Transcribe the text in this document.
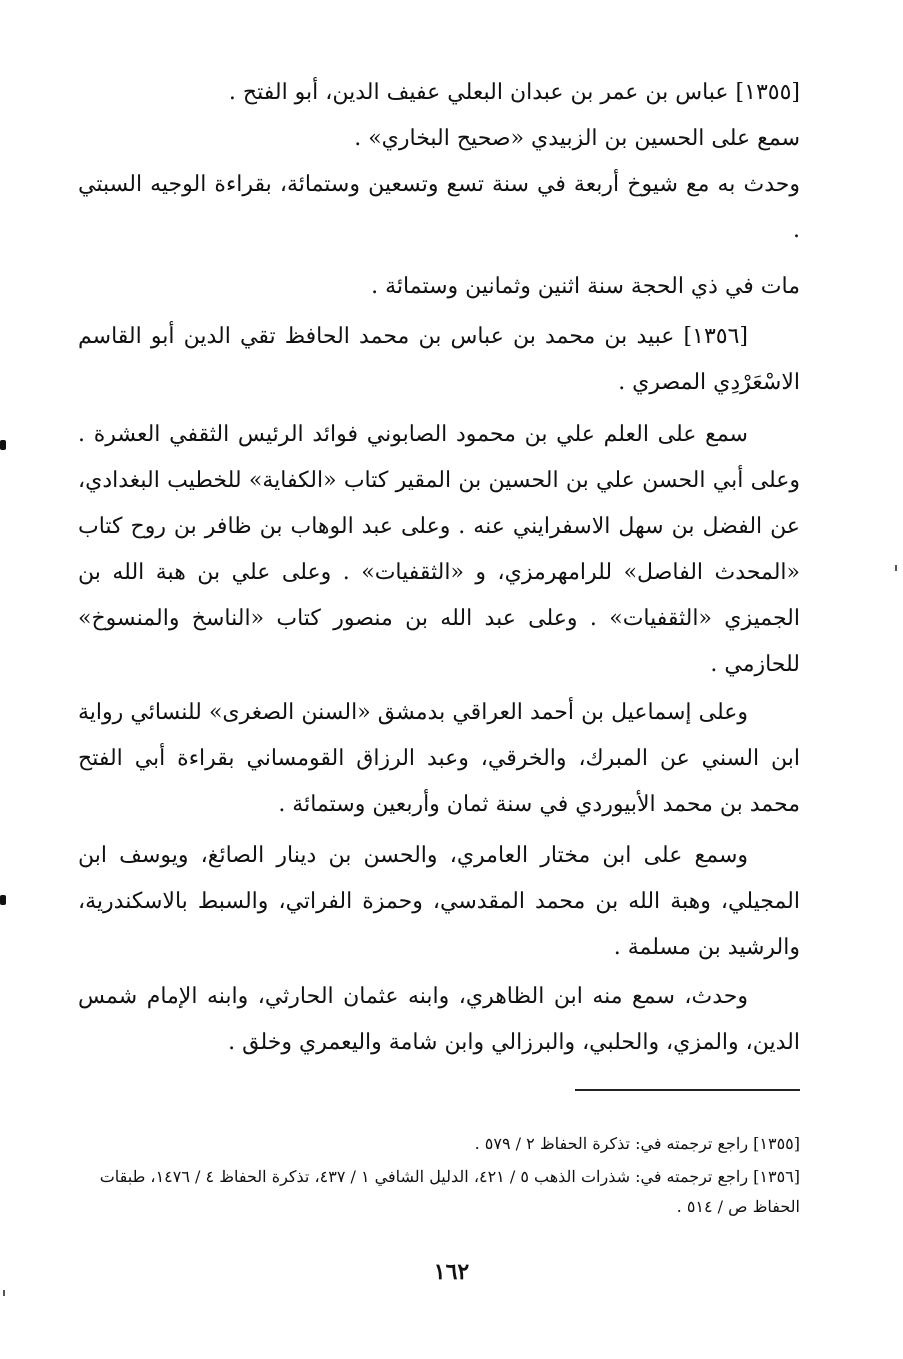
[١٣٥٥] عباس بن عمر بن عبدان البعلي عفيف الدين، أبو الفتح .

سمع على الحسين بن الزبيدي «صحيح البخاري» .

وحدث به مع شيوخ أربعة في سنة تسع وتسعين وستمائة، بقراءة الوجيه السبتي .

مات في ذي الحجة سنة اثنين وثمانين وستمائة .

[١٣٥٦] عبيد بن محمد بن عباس بن محمد الحافظ تقي الدين أبو القاسم الاسْعَرْدِي المصري .

سمع على العلم علي بن محمود الصابوني فوائد الرئيس الثقفي العشرة . وعلى أبي الحسن علي بن الحسين بن المقير كتاب «الكفاية» للخطيب البغدادي، عن الفضل بن سهل الاسفرايني عنه . وعلى عبد الوهاب بن ظافر بن روح كتاب «المحدث الفاصل» للرامهرمزي، و «الثقفيات» . وعلى علي بن هبة الله بن الجميزي «الثقفيات» . وعلى عبد الله بن منصور كتاب «الناسخ والمنسوخ» للحازمي .

وعلى إسماعيل بن أحمد العراقي بدمشق «السنن الصغرى» للنسائي رواية ابن السني عن المبرك، والخرقي، وعبد الرزاق القومساني بقراءة أبي الفتح محمد بن محمد الأبيوردي في سنة ثمان وأربعين وستمائة .

وسمع على ابن مختار العامري، والحسن بن دينار الصائغ، ويوسف ابن المجيلي، وهبة الله بن محمد المقدسي، وحمزة الفراتي، والسبط بالاسكندرية، والرشيد بن مسلمة .

وحدث، سمع منه ابن الظاهري، وابنه عثمان الحارثي، وابنه الإمام شمس الدين، والمزي، والحلبي، والبرزالي وابن شامة واليعمري وخلق .

[١٣٥٥] راجع ترجمته في: تذكرة الحفاظ ٢ / ٥٧٩ .

[١٣٥٦] راجع ترجمته في: شذرات الذهب ٥ / ٤٢١، الدليل الشافي ١ / ٤٣٧، تذكرة الحفاظ ٤ / ١٤٧٦، طبقات الحفاظ ص / ٥١٤ .

١٦٢
